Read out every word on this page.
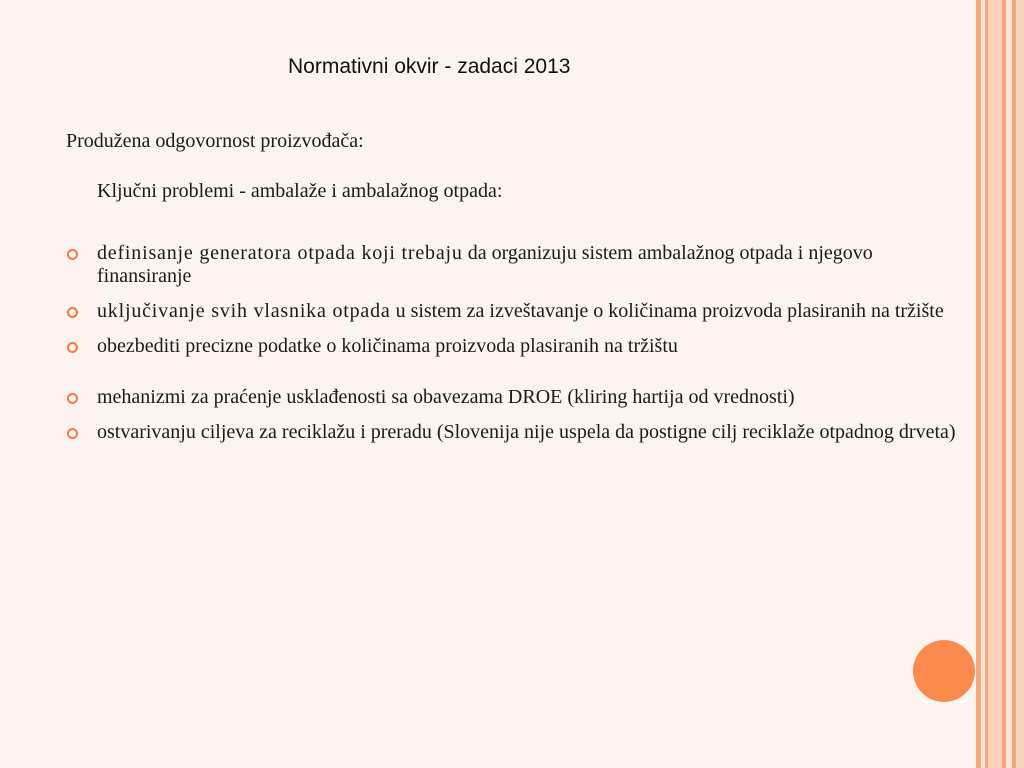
Normativni okvir - zadaci 2013

Produžena odgovornost proizvođača:

Ključni problemi - ambalaže i ambalažnog otpada:

definisanje generatora otpada koji trebaju da organizuju sistem ambalažnog otpada i njegovo finansiranje
uključivanje svih vlasnika otpada u sistem za izveštavanje o količinama proizvoda plasiranih na tržište
obezbediti precizne podatke o količinama proizvoda plasiranih na tržištu
mehanizmi za praćenje usklađenosti sa obavezama DROE (kliring hartija od vrednosti)
ostvarivanju ciljeva za reciklažu i preradu (Slovenija nije uspela da postigne cilj reciklaže otpadnog drveta)
